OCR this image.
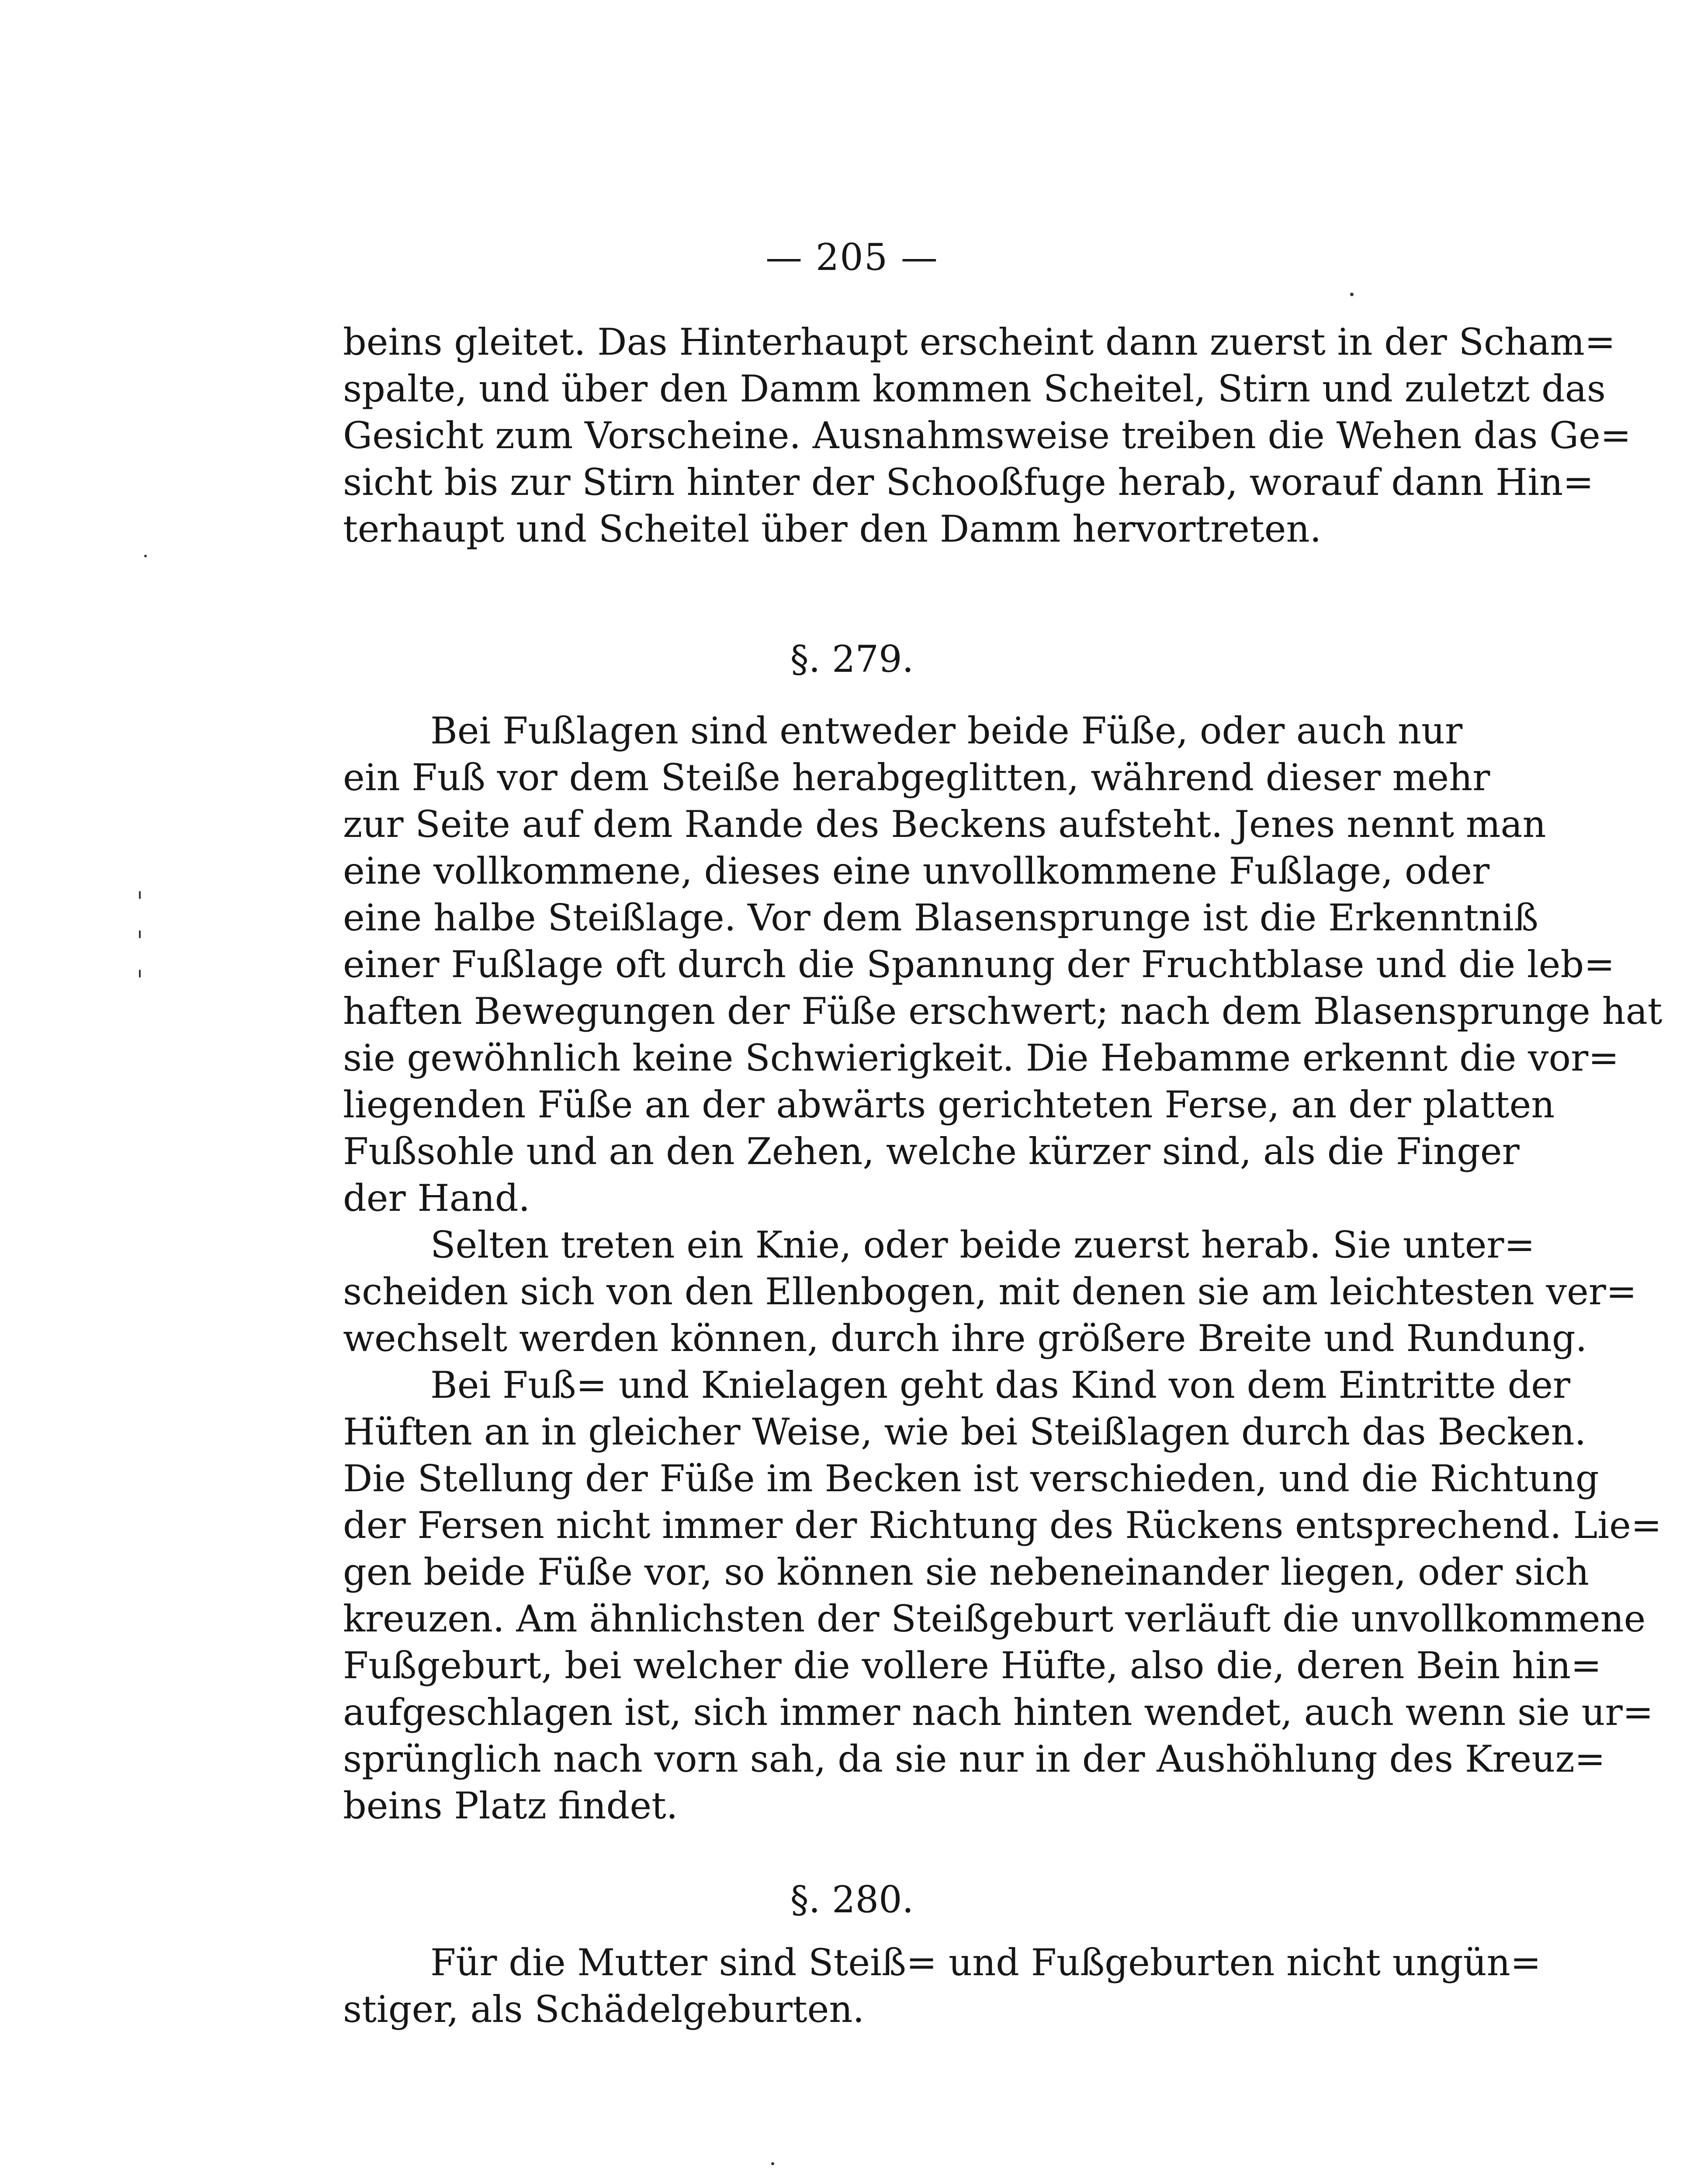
— 205 —
beins gleitet. Das Hinterhaupt erscheint dann zuerst in der Scham=
spalte, und über den Damm kommen Scheitel, Stirn und zuletzt das
Gesicht zum Vorscheine. Ausnahmsweise treiben die Wehen das Ge=
sicht bis zur Stirn hinter der Schooßfuge herab, worauf dann Hin=
terhaupt und Scheitel über den Damm hervortreten.
§. 279.
Bei Fußlagen sind entweder beide Füße, oder auch nur
ein Fuß vor dem Steiße herabgeglitten, während dieser mehr
zur Seite auf dem Rande des Beckens aufsteht. Jenes nennt man
eine vollkommene, dieses eine unvollkommene Fußlage, oder
eine halbe Steißlage. Vor dem Blasensprunge ist die Erkenntniß
einer Fußlage oft durch die Spannung der Fruchtblase und die leb=
haften Bewegungen der Füße erschwert; nach dem Blasensprunge hat
sie gewöhnlich keine Schwierigkeit. Die Hebamme erkennt die vor=
liegenden Füße an der abwärts gerichteten Ferse, an der platten
Fußsohle und an den Zehen, welche kürzer sind, als die Finger
der Hand.
Selten treten ein Knie, oder beide zuerst herab. Sie unter=
scheiden sich von den Ellenbogen, mit denen sie am leichtesten ver=
wechselt werden können, durch ihre größere Breite und Rundung.
Bei Fuß= und Knielagen geht das Kind von dem Eintritte der
Hüften an in gleicher Weise, wie bei Steißlagen durch das Becken.
Die Stellung der Füße im Becken ist verschieden, und die Richtung
der Fersen nicht immer der Richtung des Rückens entsprechend. Lie=
gen beide Füße vor, so können sie nebeneinander liegen, oder sich
kreuzen. Am ähnlichsten der Steißgeburt verläuft die unvollkommene
Fußgeburt, bei welcher die vollere Hüfte, also die, deren Bein hin=
aufgeschlagen ist, sich immer nach hinten wendet, auch wenn sie ur=
sprünglich nach vorn sah, da sie nur in der Aushöhlung des Kreuz=
beins Platz findet.
§. 280.
Für die Mutter sind Steiß= und Fußgeburten nicht ungün=
stiger, als Schädelgeburten.
